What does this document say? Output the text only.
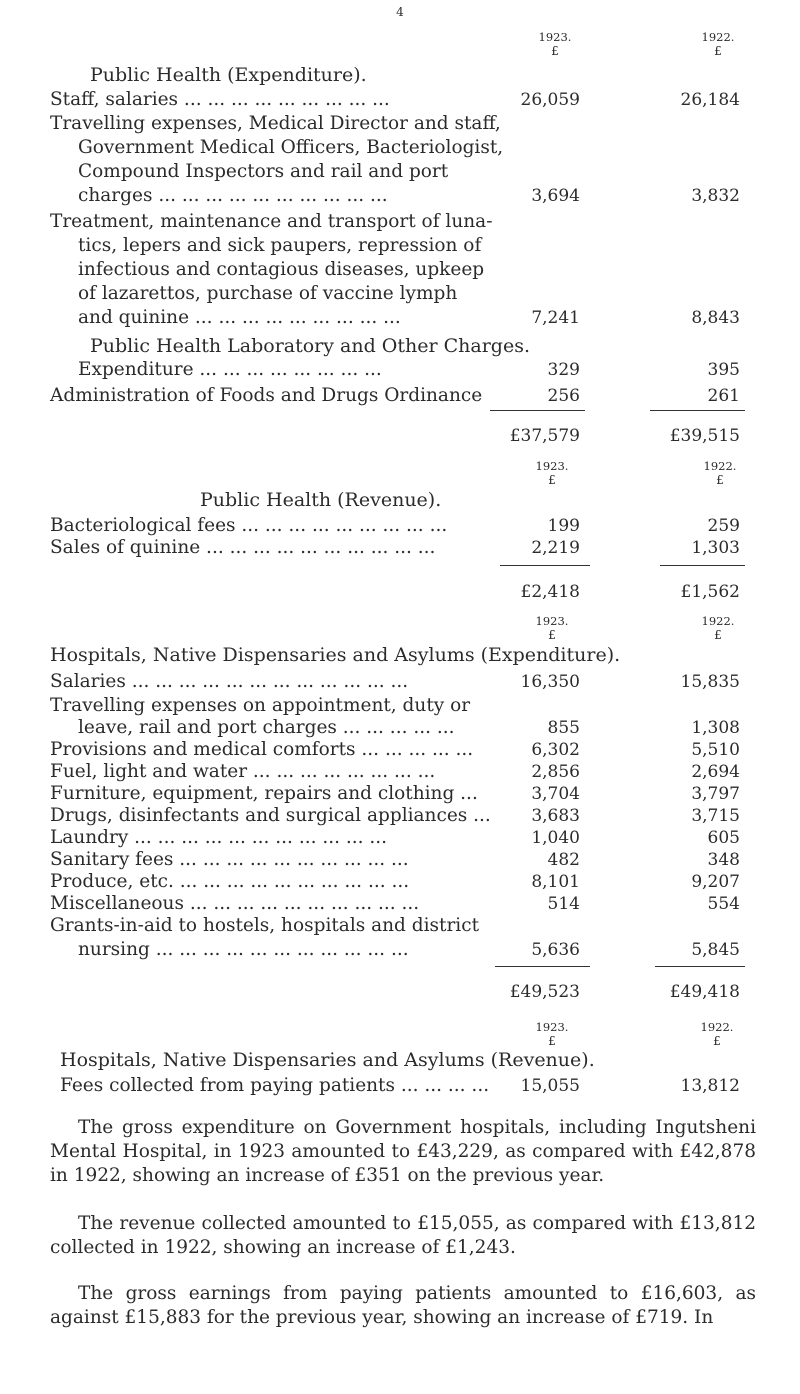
4
1923.	1922.
£	£
Public Health (Expenditure).
Staff, salaries ... ... ... ... ... ... ... ... ...	26,059	26,184
Travelling expenses, Medical Director and staff,
Government Medical Officers, Bacteriologist,
Compound Inspectors and rail and port
charges ... ... ... ... ... ... ... ... ... ...	3,694	3,832
Treatment, maintenance and transport of luna-
tics, lepers and sick paupers, repression of
infectious and contagious diseases, upkeep
of lazarettos, purchase of vaccine lymph
and quinine ... ... ... ... ... ... ... ... ...	7,241	8,843
Public Health Laboratory and Other Charges.
Expenditure ... ... ... ... ... ... ... ...	329	395
Administration of Foods and Drugs Ordinance	256	261
£37,579	£39,515
1923.	1922.
£	£
Public Health (Revenue).
Bacteriological fees ... ... ... ... ... ... ... ... ...	199	259
Sales of quinine ... ... ... ... ... ... ... ... ... ...	2,219	1,303
£2,418	£1,562
1923.	1922.
£	£
Hospitals, Native Dispensaries and Asylums (Expenditure).
Salaries ... ... ... ... ... ... ... ... ... ... ... ...	16,350	15,835
Travelling expenses on appointment, duty or
leave, rail and port charges ... ... ... ... ...	855	1,308
Provisions and medical comforts ... ... ... ... ...	6,302	5,510
Fuel, light and water ... ... ... ... ... ... ... ...	2,856	2,694
Furniture, equipment, repairs and clothing ...	3,704	3,797
Drugs, disinfectants and surgical appliances ... 3,683	3,715
Laundry ... ... ... ... ... ... ... ... ... ... ...	1,040	605
Sanitary fees ... ... ... ... ... ... ... ... ... ...	482	348
Produce, etc. ... ... ... ... ... ... ... ... ... ...	8,101	9,207
Miscellaneous ... ... ... ... ... ... ... ... ... ...	514	554
Grants-in-aid to hostels, hospitals and district
nursing ... ... ... ... ... ... ... ... ... ... ...	5,636	5,845
£49,523	£49,418
1923.	1922.
£	£
Hospitals, Native Dispensaries and Asylums (Revenue).
Fees collected from paying patients ... ... ... ... 15,055	13,812
The gross expenditure on Government hospitals, including Ingutsheni Mental Hospital, in 1923 amounted to £43,229, as compared with £42,878 in 1922, showing an increase of £351 on the previous year.
The revenue collected amounted to £15,055, as compared with £13,812 collected in 1922, showing an increase of £1,243.
The gross earnings from paying patients amounted to £16,603, as against £15,883 for the previous year, showing an increase of £719. In
